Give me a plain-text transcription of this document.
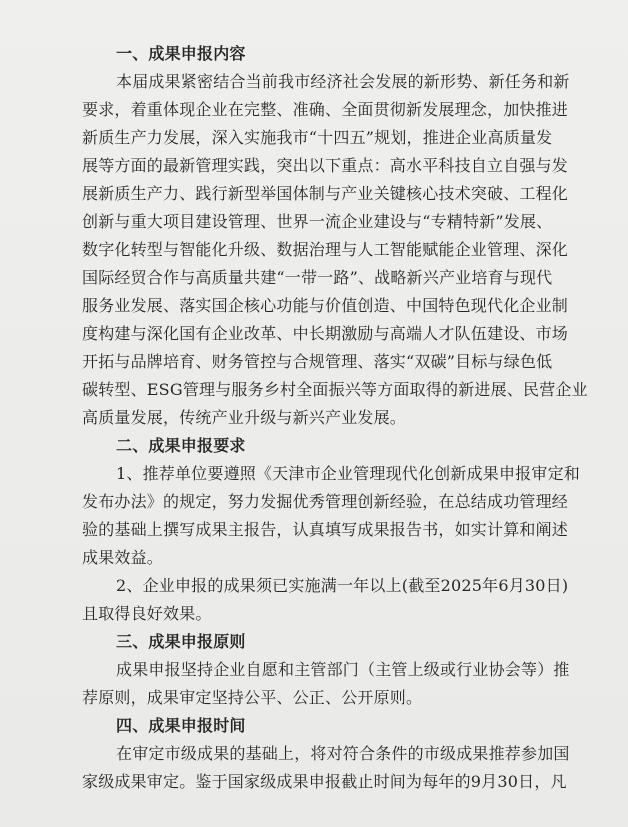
一、成果申报内容
本届成果紧密结合当前我市经济社会发展的新形势、新任务和新
要求，着重体现企业在完整、准确、全面贯彻新发展理念，加快推进
新质生产力发展，深入实施我市“十四五”规划，推进企业高质量发
展等方面的最新管理实践，突出以下重点：高水平科技自立自强与发
展新质生产力、践行新型举国体制与产业关键核心技术突破、工程化
创新与重大项目建设管理、世界一流企业建设与“专精特新”发展、
数字化转型与智能化升级、数据治理与人工智能赋能企业管理、深化
国际经贸合作与高质量共建“一带一路”、战略新兴产业培育与现代
服务业发展、落实国企核心功能与价值创造、中国特色现代化企业制
度构建与深化国有企业改革、中长期激励与高端人才队伍建设、市场
开拓与品牌培育、财务管控与合规管理、落实“双碳”目标与绿色低
碳转型、ESG管理与服务乡村全面振兴等方面取得的新进展、民营企业
高质量发展，传统产业升级与新兴产业发展。
二、成果申报要求
1、推荐单位要遵照《天津市企业管理现代化创新成果申报审定和
发布办法》的规定，努力发掘优秀管理创新经验，在总结成功管理经
验的基础上撰写成果主报告，认真填写成果报告书，如实计算和阐述
成果效益。
2、企业申报的成果须已实施满一年以上(截至2025年6月30日)
且取得良好效果。
三、成果申报原则
成果申报坚持企业自愿和主管部门（主管上级或行业协会等）推
荐原则，成果审定坚持公平、公正、公开原则。
四、成果申报时间
在审定市级成果的基础上，将对符合条件的市级成果推荐参加国
家级成果审定。鉴于国家级成果申报截止时间为每年的9月30日，凡
